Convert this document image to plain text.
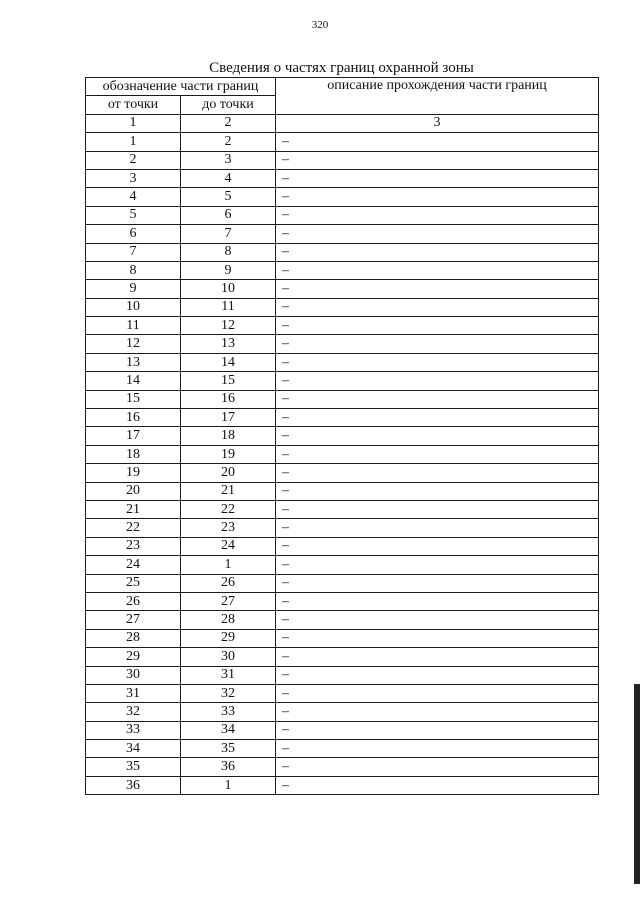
320
Сведения о частях границ охранной зоны
обозначение части границ		описание прохождения части границ
от точки	до точки	
1	2	3
1	2	–
2	3	–
3	4	–
4	5	–
5	6	–
6	7	–
7	8	–
8	9	–
9	10	–
10	11	–
11	12	–
12	13	–
13	14	–
14	15	–
15	16	–
16	17	–
17	18	–
18	19	–
19	20	–
20	21	–
21	22	–
22	23	–
23	24	–
24	1	–
25	26	–
26	27	–
27	28	–
28	29	–
29	30	–
30	31	–
31	32	–
32	33	–
33	34	–
34	35	–
35	36	–
36	1	–
